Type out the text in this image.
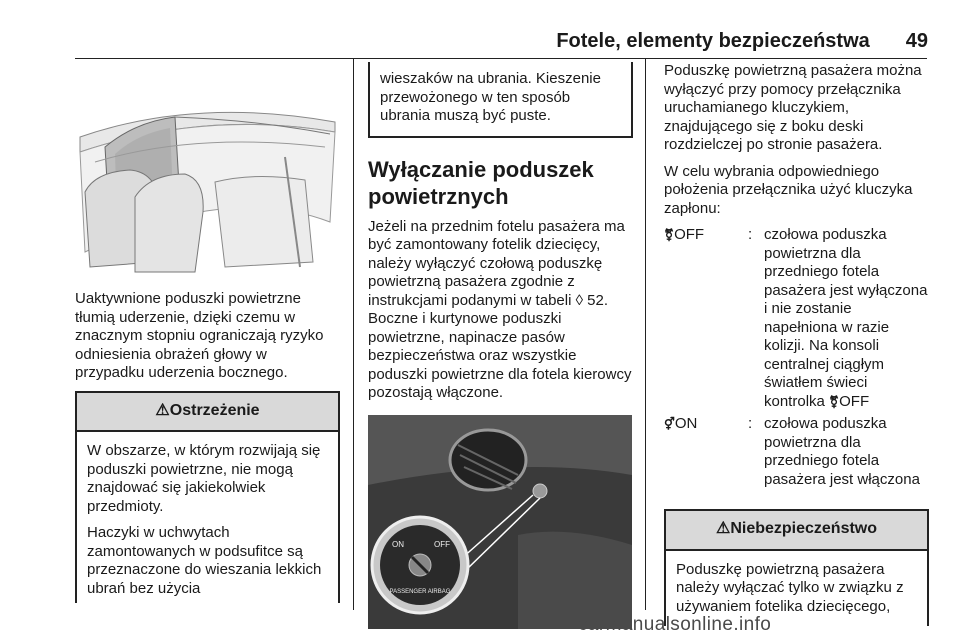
Fotele, elementy bezpieczeństwa 49

Uaktywnione poduszki powietrzne tłumią uderzenie, dzięki czemu w znacznym stopniu ograniczają ryzyko odniesienia obrażeń głowy w przypadku uderzenia bocznego.

⚠Ostrzeżenie

W obszarze, w którym rozwijają się poduszki powietrzne, nie mogą znajdować się jakiekolwiek przedmioty.

Haczyki w uchwytach zamontowanych w podsufitce są przeznaczone do wieszania lekkich ubrań bez użycia

wieszaków na ubrania. Kieszenie przewożonego w ten sposób ubrania muszą być puste.
Wyłączanie poduszek powietrznych

Jeżeli na przednim fotelu pasażera ma być zamontowany fotelik dziecięcy, należy wyłączyć czołową poduszkę powietrzną pasażera zgodnie z instrukcjami podanymi w tabeli ◊ 52. Boczne i kurtynowe poduszki powietrzne, napinacze pasów bezpieczeństwa oraz wszystkie poduszki powietrzne dla fotela kierowcy pozostają włączone.

ON	OFF
PASSENGER AIRBAG

Poduszkę powietrzną pasażera można wyłączyć przy pomocy przełącznika uruchamianego kluczykiem, znajdującego się z boku deski rozdzielczej po stronie pasażera.

W celu wybrania odpowiedniego położenia przełącznika użyć kluczyka zapłonu:

⚧OFF	: czołowa poduszka powietrzna dla przedniego fotela pasażera jest wyłączona i nie zostanie napełniona w razie kolizji. Na konsoli centralnej ciągłym światłem świeci kontrolka ⚧OFF
⚥ON	: czołowa poduszka powietrzna dla przedniego fotela pasażera jest włączona
⚠Niebezpieczeństwo

Poduszkę powietrzną pasażera należy wyłączać tylko w związku z używaniem fotelika dziecięcego,

carmanualsonline.info
